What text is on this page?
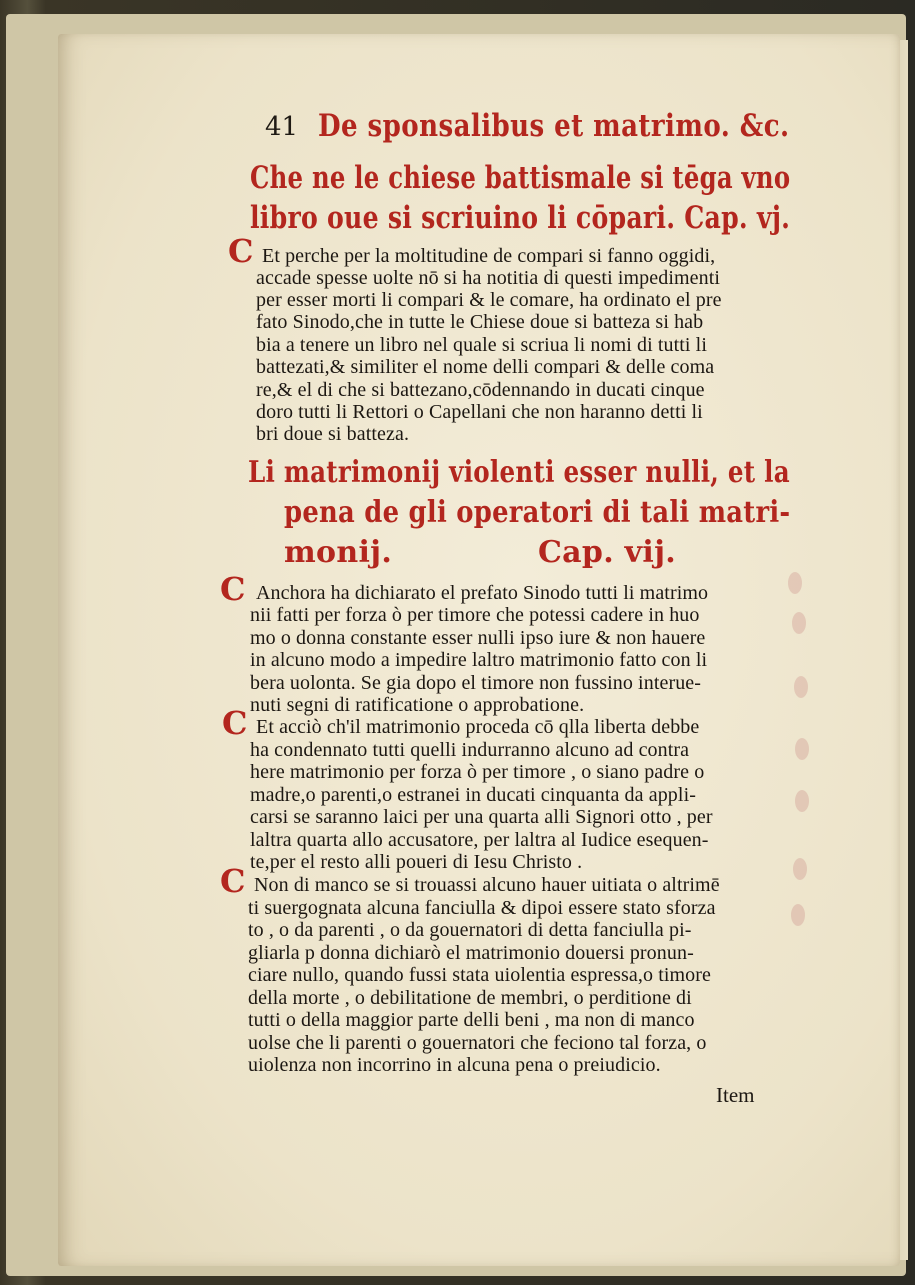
41 De sponsalibus et matrimo. &c.
Che ne le chiese battismale si tēga vno
libro oue si scriuino li cōpari. Cap. vj.
C Et perche per la moltitudine de compari si fanno oggidi,
accade spesse uolte nō si ha notitia di questi impedimenti
per esser morti li compari & le comare, ha ordinato el pre
fato Sinodo,che in tutte le Chiese doue si batteza si hab
bia a tenere un libro nel quale si scriua li nomi di tutti li
battezati,& similiter el nome delli compari & delle coma
re,& el di che si battezano,cōdennando in ducati cinque
doro tutti li Rettori o Capellani che non haranno detti li
bri doue si batteza.
Li matrimonij violenti esser nulli, et la
pena de gli operatori di tali matri-
monij.	Cap. vij.
C Anchora ha dichiarato el prefato Sinodo tutti li matrimo
nii fatti per forza ò per timore che potessi cadere in huo
mo o donna constante esser nulli ipso iure & non hauere
in alcuno modo a impedire laltro matrimonio fatto con li
bera uolonta. Se gia dopo el timore non fussino interue-
nuti segni di ratificatione o approbatione.
C Et acciò ch'il matrimonio proceda cō qlla liberta debbe
ha condennato tutti quelli indurranno alcuno ad contra
here matrimonio per forza ò per timore , o siano padre o
madre,o parenti,o estranei in ducati cinquanta da appli-
carsi se saranno laici per una quarta alli Signori otto , per
laltra quarta allo accusatore, per laltra al Iudice esequen-
te,per el resto alli poueri di Iesu Christo .
C Non di manco se si trouassi alcuno hauer uitiata o altrimē
ti suergognata alcuna fanciulla & dipoi essere stato sforza
to , o da parenti , o da gouernatori di detta fanciulla pi-
gliarla p donna dichiarò el matrimonio douersi pronun-
ciare nullo, quando fussi stata uiolentia espressa,o timore
della morte , o debilitatione de membri, o perditione di
tutti o della maggior parte delli beni , ma non di manco
uolse che li parenti o gouernatori che feciono tal forza, o
uiolenza non incorrino in alcuna pena o preiudicio.
Item
